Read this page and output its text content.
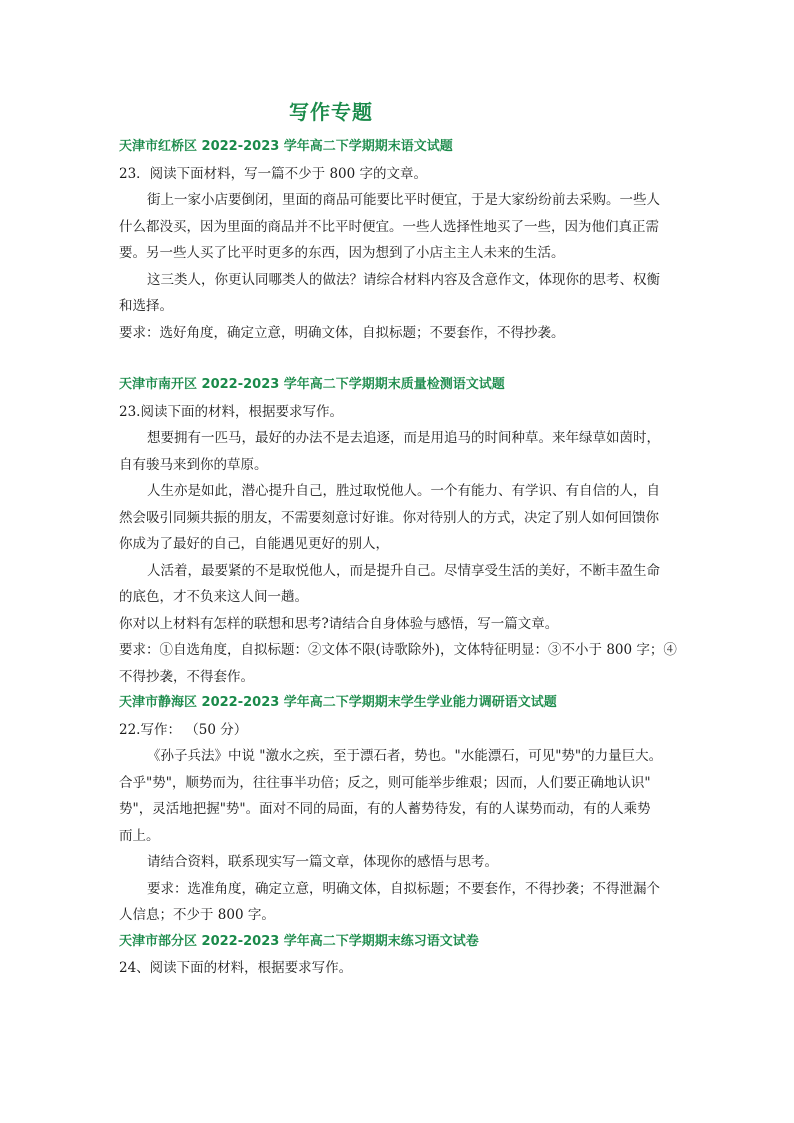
写作专题
天津市红桥区 2022-2023 学年高二下学期期末语文试题
23．阅读下面材料，写一篇不少于 800 字的文章。
街上一家小店要倒闭，里面的商品可能要比平时便宜，于是大家纷纷前去采购。一些人
什么都没买，因为里面的商品并不比平时便宜。一些人选择性地买了一些，因为他们真正需
要。另一些人买了比平时更多的东西，因为想到了小店主主人未来的生活。
这三类人，你更认同哪类人的做法？请综合材料内容及含意作文，体现你的思考、权衡
和选择。
要求：选好角度，确定立意，明确文体，自拟标题；不要套作，不得抄袭。
天津市南开区 2022-2023 学年高二下学期期末质量检测语文试题
23.阅读下面的材料，根据要求写作。
想要拥有一匹马，最好的办法不是去追逐，而是用追马的时间种草。来年绿草如茵时，
自有骏马来到你的草原。
人生亦是如此，潜心提升自己，胜过取悦他人。一个有能力、有学识、有自信的人，自
然会吸引同频共振的朋友，不需要刻意讨好谁。你对待别人的方式，决定了别人如何回馈你
你成为了最好的自己，自能遇见更好的别人，
人活着，最要紧的不是取悦他人，而是提升自己。尽情享受生活的美好，不断丰盈生命
的底色，才不负来这人间一趟。
你对以上材料有怎样的联想和思考?请结合自身体验与感悟，写一篇文章。
要求：①自选角度，自拟标题：②文体不限(诗歌除外)，文体特征明显：③不小于 800 字；④
不得抄袭，不得套作。
天津市静海区 2022-2023 学年高二下学期期末学生学业能力调研语文试题
22.写作： （50 分）
《孙子兵法》中说 "激水之疾，至于漂石者，势也。"水能漂石，可见"势"的力量巨大。
合乎"势"，顺势而为，往往事半功倍；反之，则可能举步维艰；因而，人们要正确地认识"
势"，灵活地把握"势"。面对不同的局面，有的人蓄势待发，有的人谋势而动，有的人乘势
而上。
请结合资料，联系现实写一篇文章，体现你的感悟与思考。
要求：选准角度，确定立意，明确文体，自拟标题；不要套作，不得抄袭；不得泄漏个
人信息；不少于 800 字。
天津市部分区 2022-2023 学年高二下学期期末练习语文试卷
24、阅读下面的材料，根据要求写作。
